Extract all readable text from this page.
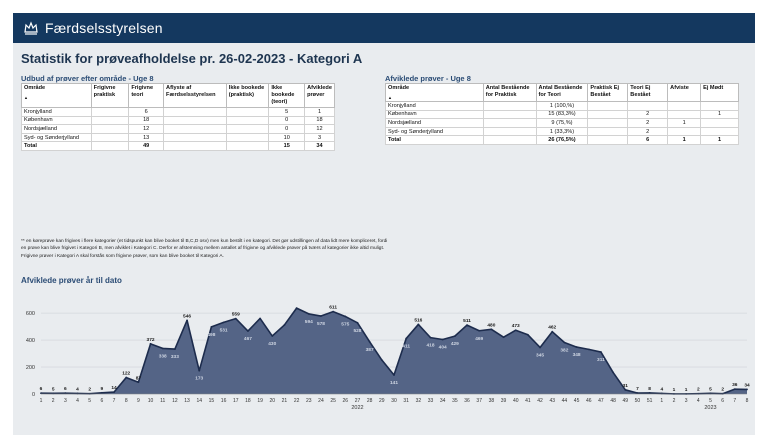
Færdselsstyrelsen
Statistik for prøveafholdelse pr. 26-02-2023 - Kategori A
Udbud af prøver efter område - Uge 8
Område
▲	Frigivne praktisk	Frigivne teori	Aflyste af Færdselsstyrelsen	Ikke bookede (praktisk)	Ikke bookede (teori)	Afviklede prøver
Kronjylland		6			5	1
København		18			0	18
Nordsjælland		12			0	12
Syd- og Sønderjylland		13			10	3
Total		49			15	34
Afviklede prøver - Uge 8
Område
▲	Antal Bestående for Praktisk	Antal Bestående for Teori	Praktisk Ej Bestået	Teori Ej Bestået	Afviste	Ej Mødt
Kronjylland		1 (100,%)				
København		15 (83,3%)		2		1
Nordsjælland		9 (75,%)		2	1	
Syd- og Sønderjylland		1 (33,3%)		2		
Total		26 (76,5%)		6	1	1
** en køreprøve kan frigives i flere kategorier (et tidspunkt kan blive booket til B,C,D osv) men kun bestilt i en kategori. Det gør udstillingen af data lidt mere kompliceret, fordi en prøve kan blive frigivet i Kategori B, men afviklet i Kategori C. Derfor er afstemning mellem antallet af frigivne og afviklede prøver på tværs af kategorier ikke altid muligt. Frigivne prøver i Kategori A skal forstås som frigivne prøver, som kan blive booket til Kategori A.
Afviklede prøver år til dato
0
200
400
600
6 5 6 4 2 9 14
122
87
372
338 333
546
173
498
531
559
467
430
594 578
611
575
528
387
141
411
516
418 404
429
511
469
480	473
345
462
382
348
311
31
7 8 4 1 1 2 5 2
36 34
1 2 3 4 5 6 7 8 9 10 11 12 13 14 15 16 17 18 19 20 21 22 23 24 25 26 27 28 29 30 31 32 33 34 35 36 37 38 39 40 41 42 43 44 45 46 47 48 49 50 51 1 2 3 4 5 6 7 8
2022	2023
